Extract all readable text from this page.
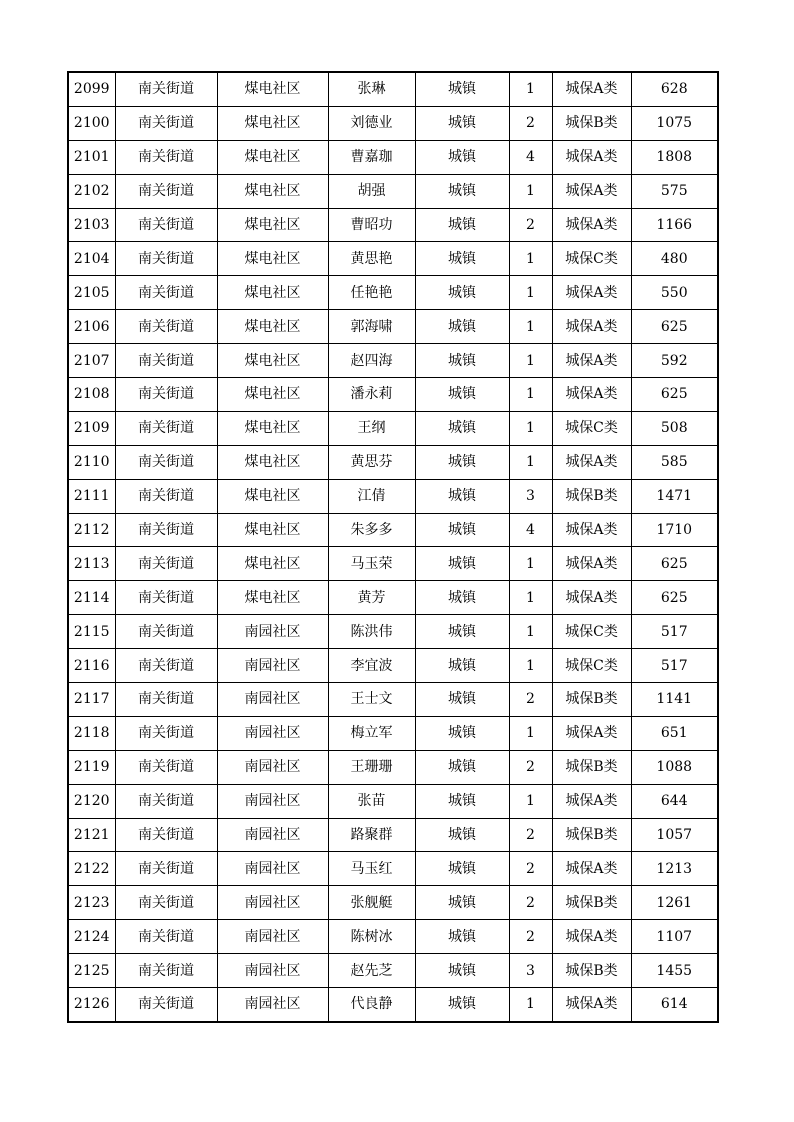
2099	南关街道	煤电社区	张琳	城镇	1	城保A类	628
2100	南关街道	煤电社区	刘德业	城镇	2	城保B类	1075
2101	南关街道	煤电社区	曹嘉珈	城镇	4	城保A类	1808
2102	南关街道	煤电社区	胡强	城镇	1	城保A类	575
2103	南关街道	煤电社区	曹昭功	城镇	2	城保A类	1166
2104	南关街道	煤电社区	黄思艳	城镇	1	城保C类	480
2105	南关街道	煤电社区	任艳艳	城镇	1	城保A类	550
2106	南关街道	煤电社区	郭海啸	城镇	1	城保A类	625
2107	南关街道	煤电社区	赵四海	城镇	1	城保A类	592
2108	南关街道	煤电社区	潘永莉	城镇	1	城保A类	625
2109	南关街道	煤电社区	王纲	城镇	1	城保C类	508
2110	南关街道	煤电社区	黄思芬	城镇	1	城保A类	585
2111	南关街道	煤电社区	江倩	城镇	3	城保B类	1471
2112	南关街道	煤电社区	朱多多	城镇	4	城保A类	1710
2113	南关街道	煤电社区	马玉荣	城镇	1	城保A类	625
2114	南关街道	煤电社区	黄芳	城镇	1	城保A类	625
2115	南关街道	南园社区	陈洪伟	城镇	1	城保C类	517
2116	南关街道	南园社区	李宜波	城镇	1	城保C类	517
2117	南关街道	南园社区	王士文	城镇	2	城保B类	1141
2118	南关街道	南园社区	梅立军	城镇	1	城保A类	651
2119	南关街道	南园社区	王珊珊	城镇	2	城保B类	1088
2120	南关街道	南园社区	张苗	城镇	1	城保A类	644
2121	南关街道	南园社区	路聚群	城镇	2	城保B类	1057
2122	南关街道	南园社区	马玉红	城镇	2	城保A类	1213
2123	南关街道	南园社区	张舰艇	城镇	2	城保B类	1261
2124	南关街道	南园社区	陈树冰	城镇	2	城保A类	1107
2125	南关街道	南园社区	赵先芝	城镇	3	城保B类	1455
2126	南关街道	南园社区	代良静	城镇	1	城保A类	614
